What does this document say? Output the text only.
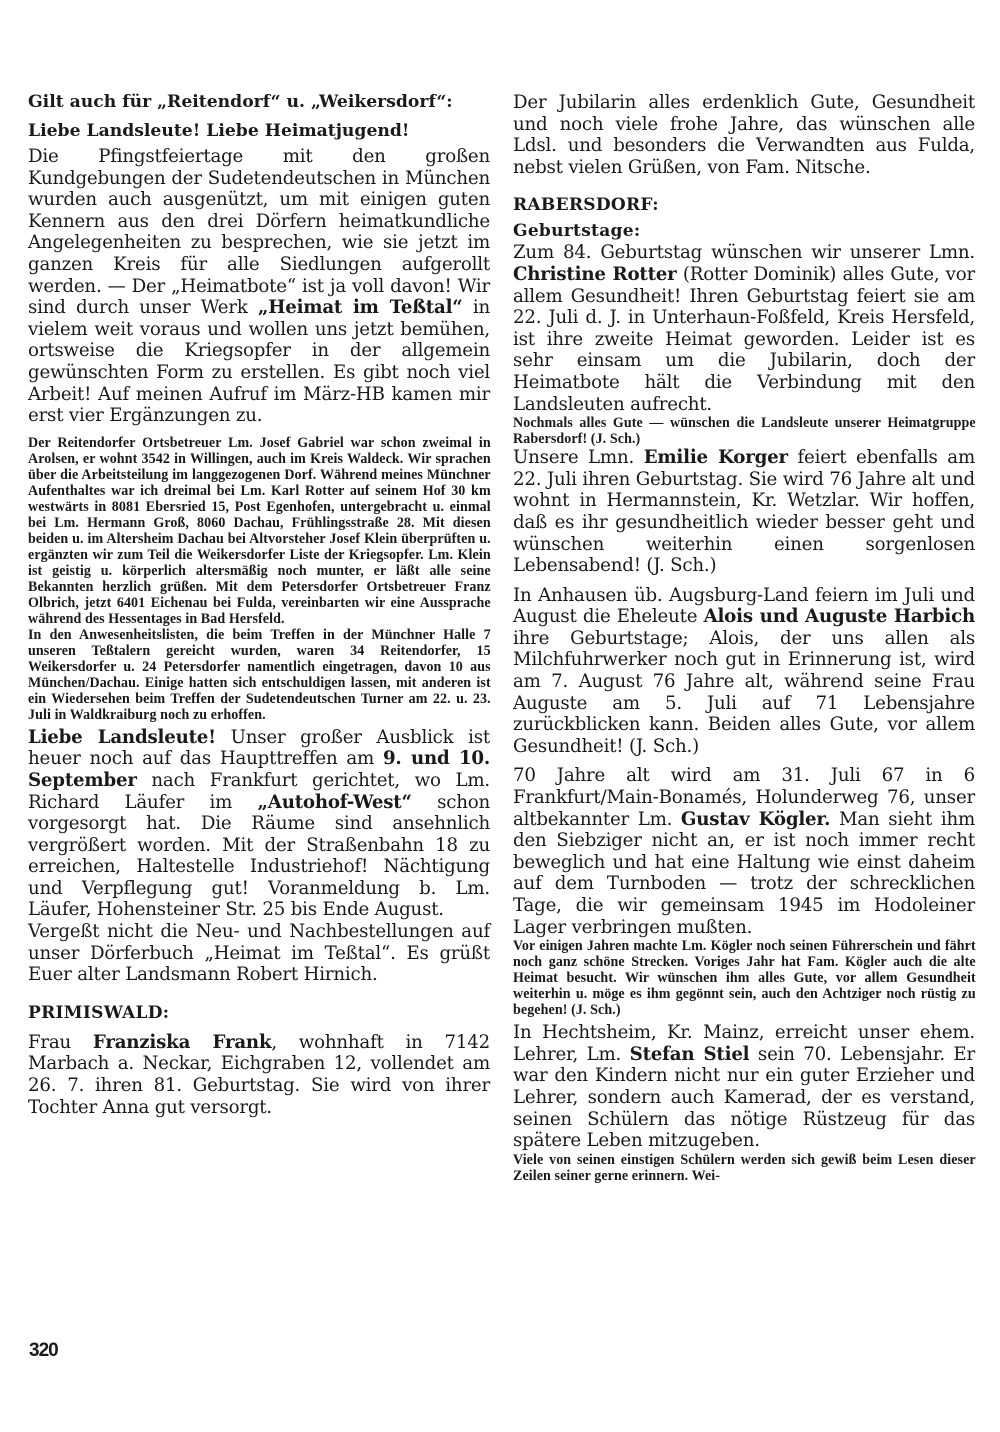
Gilt auch für „Reitendorf“ u. „Weikersdorf“:
Liebe Landsleute! Liebe Heimatjugend!

Die Pfingstfeiertage mit den großen Kundgebungen der Sudetendeutschen in München wurden auch ausgenützt, um mit einigen guten Kennern aus den drei Dörfern heimatkundliche Angelegenheiten zu besprechen, wie sie jetzt im ganzen Kreis für alle Siedlungen aufgerollt werden. — Der „Heimatbote“ ist ja voll davon! Wir sind durch unser Werk „Heimat im Teßtal“ in vielem weit voraus und wollen uns jetzt bemühen, ortsweise die Kriegsopfer in der allgemein gewünschten Form zu erstellen. Es gibt noch viel Arbeit! Auf meinen Aufruf im März-HB kamen mir erst vier Ergänzungen zu.

Der Reitendorfer Ortsbetreuer Lm. Josef Gabriel war schon zweimal in Arolsen, er wohnt 3542 in Willingen, auch im Kreis Waldeck. Wir sprachen über die Arbeitsteilung im langgezogenen Dorf. Während meines Münchner Aufenthaltes war ich dreimal bei Lm. Karl Rotter auf seinem Hof 30 km westwärts in 8081 Ebersried 15, Post Egenhofen, untergebracht u. einmal bei Lm. Hermann Groß, 8060 Dachau, Frühlingsstraße 28. Mit diesen beiden u. im Altersheim Dachau bei Altvorsteher Josef Klein überprüften u. ergänzten wir zum Teil die Weikersdorfer Liste der Kriegsopfer. Lm. Klein ist geistig u. körperlich altersmäßig noch munter, er läßt alle seine Bekannten herzlich grüßen. Mit dem Petersdorfer Ortsbetreuer Franz Olbrich, jetzt 6401 Eichenau bei Fulda, vereinbarten wir eine Aussprache während des Hessentages in Bad Hersfeld.

In den Anwesenheitslisten, die beim Treffen in der Münchner Halle 7 unseren Teßtalern gereicht wurden, waren 34 Reitendorfer, 15 Weikersdorfer u. 24 Petersdorfer namentlich eingetragen, davon 10 aus München/Dachau. Einige hatten sich entschuldigen lassen, mit anderen ist ein Wiedersehen beim Treffen der Sudetendeutschen Turner am 22. u. 23. Juli in Waldkraiburg noch zu erhoffen.

Liebe Landsleute! Unser großer Ausblick ist heuer noch auf das Haupttreffen am 9. und 10. September nach Frankfurt gerichtet, wo Lm. Richard Läufer im „Autohof-West“ schon vorgesorgt hat. Die Räume sind ansehnlich vergrößert worden. Mit der Straßenbahn 18 zu erreichen, Haltestelle Industriehof! Nächtigung und Verpflegung gut! Voranmeldung b. Lm. Läufer, Hohensteiner Str. 25 bis Ende August.

Vergeßt nicht die Neu- und Nachbestellungen auf unser Dörferbuch „Heimat im Teßtal“. Es grüßt Euer alter Landsmann Robert Hirnich.

PRIMISWALD:

Frau Franziska Frank, wohnhaft in 7142 Marbach a. Neckar, Eichgraben 12, vollendet am 26. 7. ihren 81. Geburtstag. Sie wird von ihrer Tochter Anna gut versorgt.

Der Jubilarin alles erdenklich Gute, Gesundheit und noch viele frohe Jahre, das wünschen alle Ldsl. und besonders die Verwandten aus Fulda, nebst vielen Grüßen, von Fam. Nitsche.

RABERSDORF:
Geburtstage:

Zum 84. Geburtstag wünschen wir unserer Lmn. Christine Rotter (Rotter Dominik) alles Gute, vor allem Gesundheit! Ihren Geburtstag feiert sie am 22. Juli d. J. in Unterhaun-Foßfeld, Kreis Hersfeld, ist ihre zweite Heimat geworden. Leider ist es sehr einsam um die Jubilarin, doch der Heimatbote hält die Verbindung mit den Landsleuten aufrecht.

Nochmals alles Gute — wünschen die Landsleute unserer Heimatgruppe Rabersdorf! (J. Sch.)

Unsere Lmn. Emilie Korger feiert ebenfalls am 22. Juli ihren Geburtstag. Sie wird 76 Jahre alt und wohnt in Hermannstein, Kr. Wetzlar. Wir hoffen, daß es ihr gesundheitlich wieder besser geht und wünschen weiterhin einen sorgenlosen Lebensabend! (J. Sch.)

In Anhausen üb. Augsburg-Land feiern im Juli und August die Eheleute Alois und Auguste Harbich ihre Geburtstage; Alois, der uns allen als Milchfuhrwerker noch gut in Erinnerung ist, wird am 7. August 76 Jahre alt, während seine Frau Auguste am 5. Juli auf 71 Lebensjahre zurückblicken kann. Beiden alles Gute, vor allem Gesundheit! (J. Sch.)

70 Jahre alt wird am 31. Juli 67 in 6 Frankfurt/Main-Bonamés, Holunderweg 76, unser altbekannter Lm. Gustav Kögler. Man sieht ihm den Siebziger nicht an, er ist noch immer recht beweglich und hat eine Haltung wie einst daheim auf dem Turnboden — trotz der schrecklichen Tage, die wir gemeinsam 1945 im Hodoleiner Lager verbringen mußten.

Vor einigen Jahren machte Lm. Kögler noch seinen Führerschein und fährt noch ganz schöne Strecken. Voriges Jahr hat Fam. Kögler auch die alte Heimat besucht. Wir wünschen ihm alles Gute, vor allem Gesundheit weiterhin u. möge es ihm gegönnt sein, auch den Achtziger noch rüstig zu begehen! (J. Sch.)

In Hechtsheim, Kr. Mainz, erreicht unser ehem. Lehrer, Lm. Stefan Stiel sein 70. Lebensjahr. Er war den Kindern nicht nur ein guter Erzieher und Lehrer, sondern auch Kamerad, der es verstand, seinen Schülern das nötige Rüstzeug für das spätere Leben mitzugeben.

Viele von seinen einstigen Schülern werden sich gewiß beim Lesen dieser Zeilen seiner gerne erinnern. Wei-

320
